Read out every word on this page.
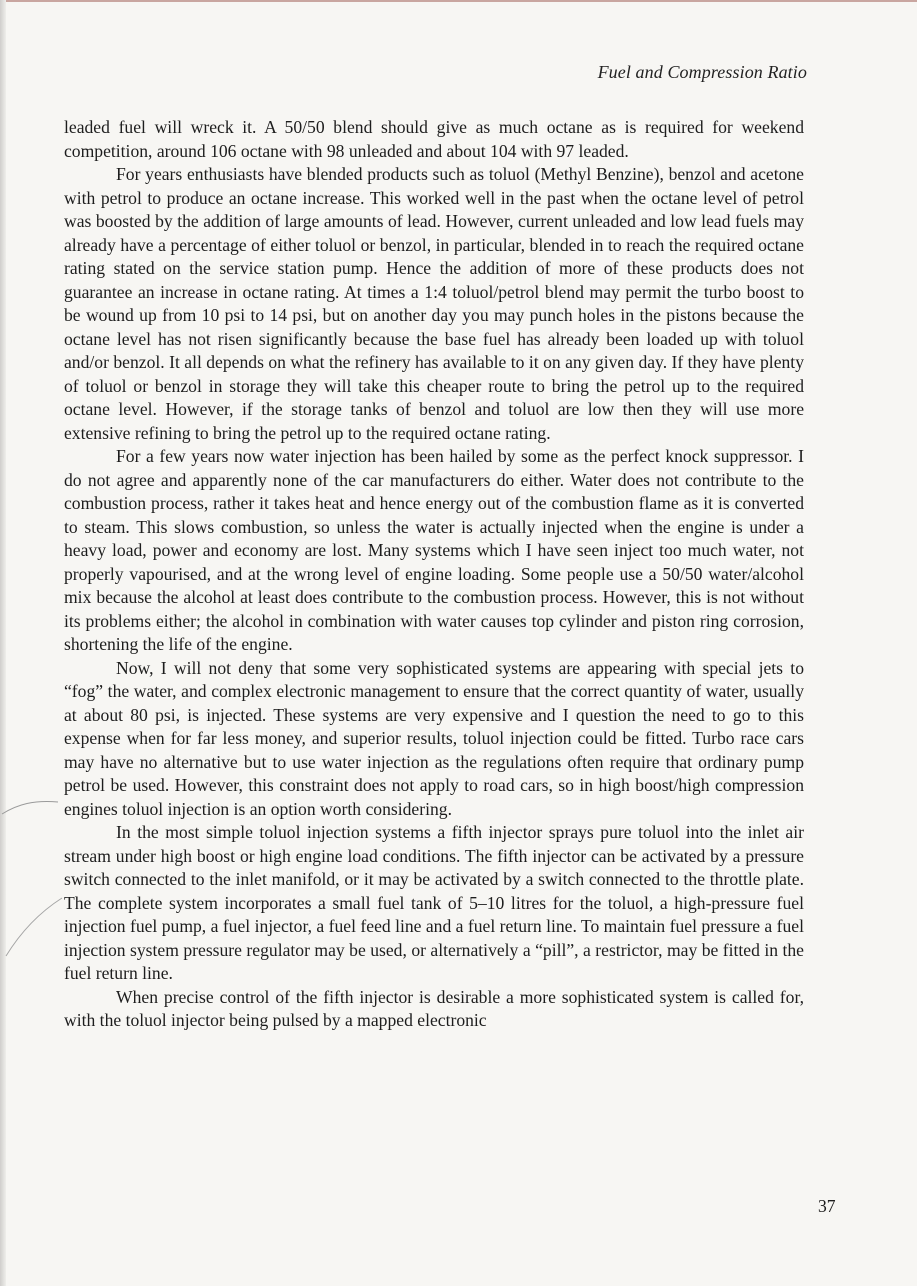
Fuel and Compression Ratio

leaded fuel will wreck it. A 50/50 blend should give as much octane as is required for weekend competition, around 106 octane with 98 unleaded and about 104 with 97 leaded.

For years enthusiasts have blended products such as toluol (Methyl Benzine), benzol and acetone with petrol to produce an octane increase. This worked well in the past when the octane level of petrol was boosted by the addition of large amounts of lead. However, current unleaded and low lead fuels may already have a percentage of either toluol or benzol, in particular, blended in to reach the required octane rating stated on the service station pump. Hence the addition of more of these products does not guarantee an increase in octane rating. At times a 1:4 toluol/petrol blend may permit the turbo boost to be wound up from 10 psi to 14 psi, but on another day you may punch holes in the pistons because the octane level has not risen significantly because the base fuel has already been loaded up with toluol and/or benzol. It all depends on what the refinery has available to it on any given day. If they have plenty of toluol or benzol in storage they will take this cheaper route to bring the petrol up to the required octane level. However, if the storage tanks of benzol and toluol are low then they will use more extensive refining to bring the petrol up to the required octane rating.

For a few years now water injection has been hailed by some as the perfect knock suppressor. I do not agree and apparently none of the car manufacturers do either. Water does not contribute to the combustion process, rather it takes heat and hence energy out of the combustion flame as it is converted to steam. This slows combustion, so unless the water is actually injected when the engine is under a heavy load, power and economy are lost. Many systems which I have seen inject too much water, not properly vapourised, and at the wrong level of engine loading. Some people use a 50/50 water/alcohol mix because the alcohol at least does contribute to the combustion process. However, this is not without its problems either; the alcohol in combination with water causes top cylinder and piston ring corrosion, shortening the life of the engine.

Now, I will not deny that some very sophisticated systems are appearing with special jets to “fog” the water, and complex electronic management to ensure that the correct quantity of water, usually at about 80 psi, is injected. These systems are very expensive and I question the need to go to this expense when for far less money, and superior results, toluol injection could be fitted. Turbo race cars may have no alternative but to use water injection as the regulations often require that ordinary pump petrol be used. However, this constraint does not apply to road cars, so in high boost/high compression engines toluol injection is an option worth considering.

In the most simple toluol injection systems a fifth injector sprays pure toluol into the inlet air stream under high boost or high engine load conditions. The fifth injector can be activated by a pressure switch connected to the inlet manifold, or it may be activated by a switch connected to the throttle plate. The complete system incorporates a small fuel tank of 5–10 litres for the toluol, a high-pressure fuel injection fuel pump, a fuel injector, a fuel feed line and a fuel return line. To maintain fuel pressure a fuel injection system pressure regulator may be used, or alternatively a “pill”, a restrictor, may be fitted in the fuel return line.

When precise control of the fifth injector is desirable a more sophisticated system is called for, with the toluol injector being pulsed by a mapped electronic

37
